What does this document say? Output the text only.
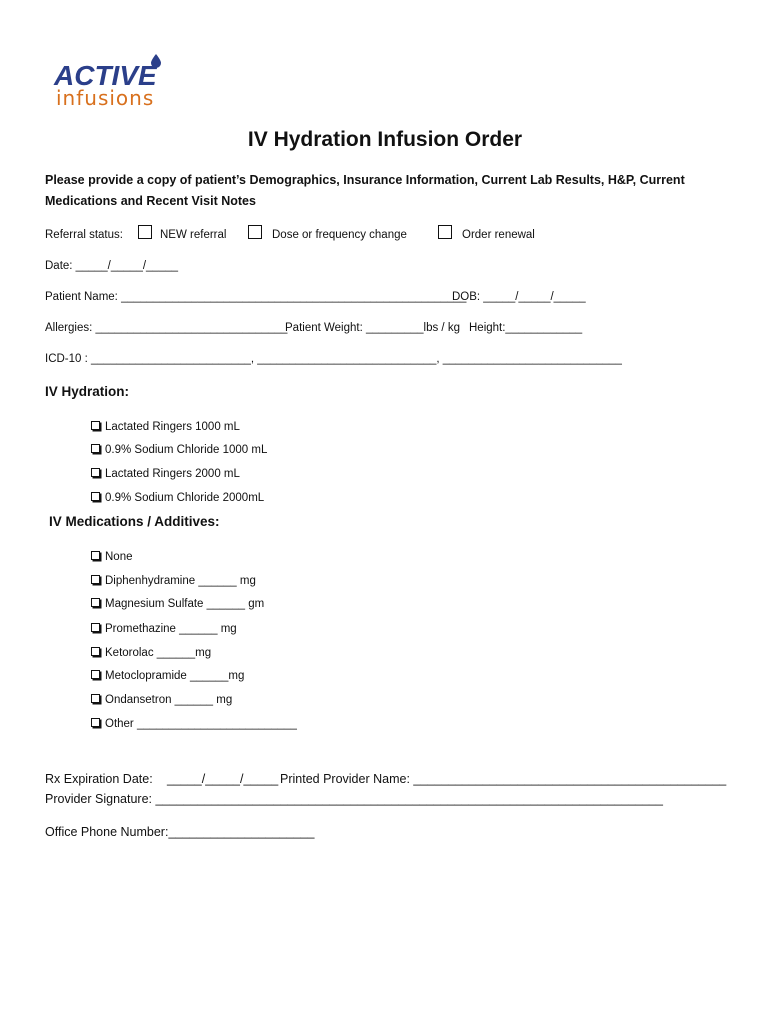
ACTIVE
infusions
IV Hydration Infusion Order
Please provide a copy of patient’s Demographics, Insurance Information, Current Lab Results, H&P, Current
Medications and Recent Visit Notes
Referral status:	NEW referral	Dose or frequency change	Order renewal
Date: _____/_____/_____
Patient Name: ______________________________________________________
DOB: _____/_____/_____
Allergies: ______________________________
Patient Weight: _________lbs / kg Height:____________
ICD-10 : _________________________, ____________________________, ____________________________
IV Hydration:
Lactated Ringers 1000 mL
0.9% Sodium Chloride 1000 mL
Lactated Ringers 2000 mL
0.9% Sodium Chloride 2000mL
IV Medications / Additives:
None
Diphenhydramine ______ mg
Magnesium Sulfate ______ gm
Promethazine ______ mg
Ketorolac ______mg
Metoclopramide ______mg
Ondansetron ______ mg
Other _________________________
Rx Expiration Date: _____/_____/_____ Printed Provider Name: _____________________________________________
Provider Signature: _________________________________________________________________________
Office Phone Number:_____________________
